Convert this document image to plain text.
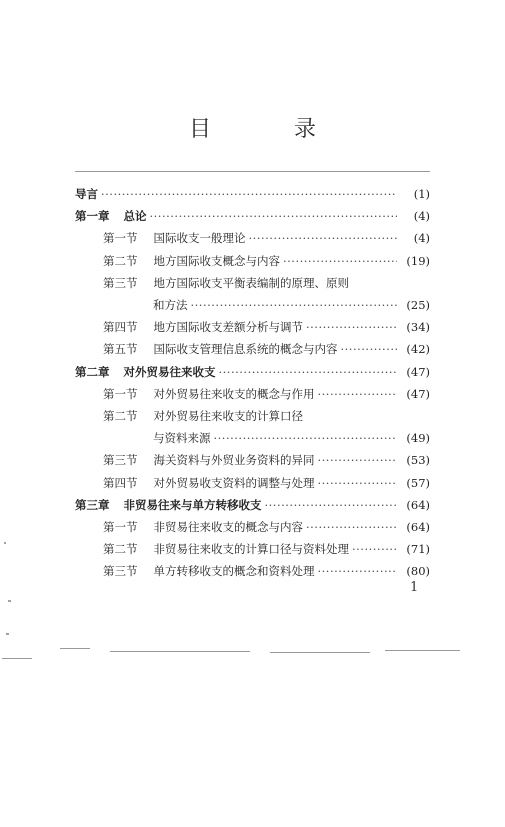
目 录
导言 ·····	(1)
第一章 总论 ·····	(4)
第一节 国际收支一般理论 ·····	(4)
第二节 地方国际收支概念与内容 ·····	(19)
第三节 地方国际收支平衡表编制的原理、原则
和方法 ·····	(25)
第四节 地方国际收支差额分析与调节 ·····	(34)
第五节 国际收支管理信息系统的概念与内容 ·····	(42)
第二章 对外贸易往来收支 ·····	(47)
第一节 对外贸易往来收支的概念与作用 ·····	(47)
第二节 对外贸易往来收支的计算口径
与资料来源 ·····	(49)
第三节 海关资料与外贸业务资料的异同 ·····	(53)
第四节 对外贸易收支资料的调整与处理 ·····	(57)
第三章 非贸易往来与单方转移收支 ·····	(64)
第一节 非贸易往来收支的概念与内容 ·····	(64)
第二节 非贸易往来收支的计算口径与资料处理 ·····	(71)
第三节 单方转移收支的概念和资料处理 ·····	(80)
1
